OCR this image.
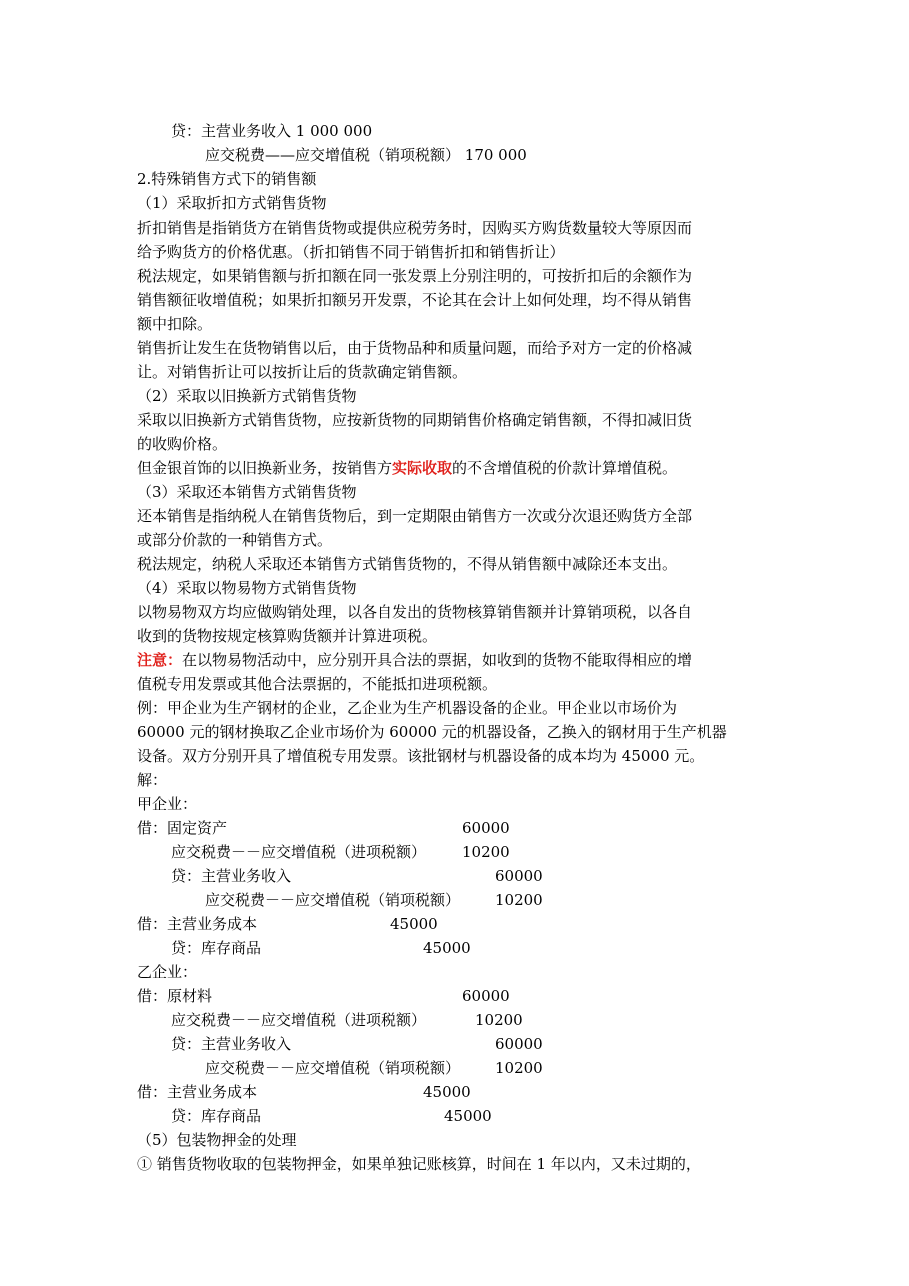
贷：主营业务收入 1 000 000
应交税费——应交增值税（销项税额） 170 000
2.特殊销售方式下的销售额
（1）采取折扣方式销售货物
折扣销售是指销货方在销售货物或提供应税劳务时，因购买方购货数量较大等原因而
给予购货方的价格优惠。（折扣销售不同于销售折扣和销售折让）
税法规定，如果销售额与折扣额在同一张发票上分别注明的，可按折扣后的余额作为
销售额征收增值税；如果折扣额另开发票，不论其在会计上如何处理，均不得从销售
额中扣除。
销售折让发生在货物销售以后，由于货物品种和质量问题，而给予对方一定的价格减
让。对销售折让可以按折让后的货款确定销售额。
（2）采取以旧换新方式销售货物
采取以旧换新方式销售货物，应按新货物的同期销售价格确定销售额，不得扣减旧货
的收购价格。
但金银首饰的以旧换新业务，按销售方实际收取的不含增值税的价款计算增值税。
（3）采取还本销售方式销售货物
还本销售是指纳税人在销售货物后，到一定期限由销售方一次或分次退还购货方全部
或部分价款的一种销售方式。
税法规定，纳税人采取还本销售方式销售货物的，不得从销售额中减除还本支出。
（4）采取以物易物方式销售货物
以物易物双方均应做购销处理，以各自发出的货物核算销售额并计算销项税，以各自
收到的货物按规定核算购货额并计算进项税。
注意：在以物易物活动中，应分别开具合法的票据，如收到的货物不能取得相应的增
值税专用发票或其他合法票据的，不能抵扣进项税额。
例：甲企业为生产钢材的企业，乙企业为生产机器设备的企业。甲企业以市场价为
60000 元的钢材换取乙企业市场价为 60000 元的机器设备，乙换入的钢材用于生产机器
设备。双方分别开具了增值税专用发票。该批钢材与机器设备的成本均为 45000 元。
解：
甲企业：
借：固定资产	60000
应交税费－－应交增值税（进项税额） 10200
贷：主营业务收入	60000
应交税费－－应交增值税（销项税额） 10200
借：主营业务成本	45000
贷：库存商品	45000
乙企业：
借：原材料	60000
应交税费－－应交增值税（进项税额）	10200
贷：主营业务收入	60000
应交税费－－应交增值税（销项税额） 10200
借：主营业务成本	45000
贷：库存商品	45000
（5）包装物押金的处理
① 销售货物收取的包装物押金，如果单独记账核算，时间在 1 年以内，又未过期的，
